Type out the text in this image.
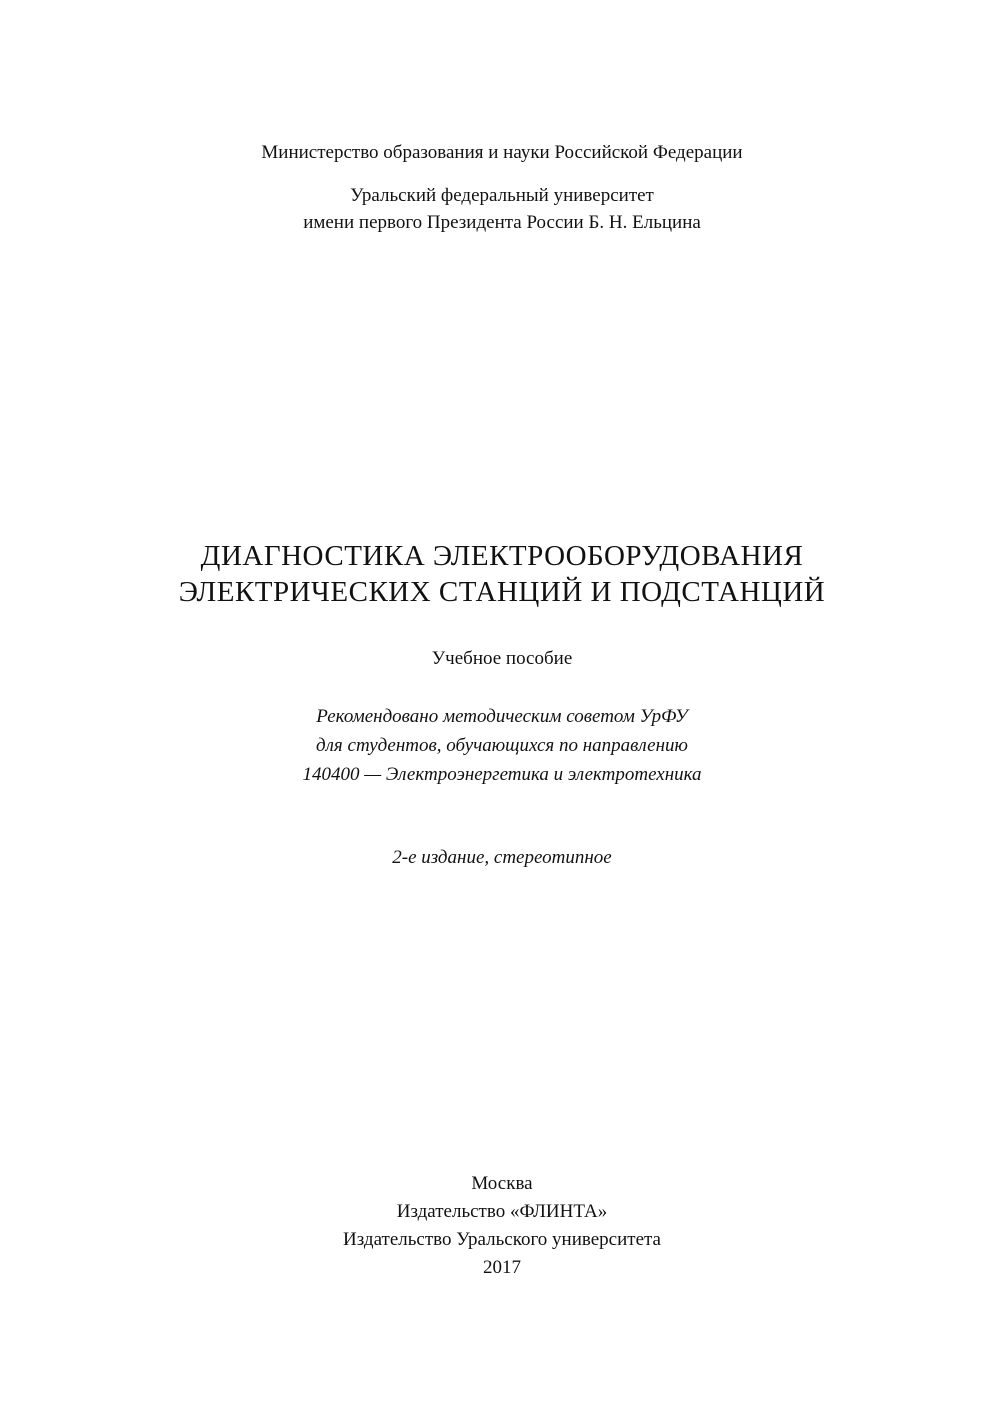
Министерство образования и науки Российской Федерации
Уральский федеральный университет
имени первого Президента России Б. Н. Ельцина
ДИАГНОСТИКА ЭЛЕКТРООБОРУДОВАНИЯ
ЭЛЕКТРИЧЕСКИХ СТАНЦИЙ И ПОДСТАНЦИЙ
Учебное пособие
Рекомендовано методическим советом УрФУ
для студентов, обучающихся по направлению
140400 — Электроэнергетика и электротехника
2-е издание, стереотипное
Москва
Издательство «ФЛИНТА»
Издательство Уральского университета
2017
